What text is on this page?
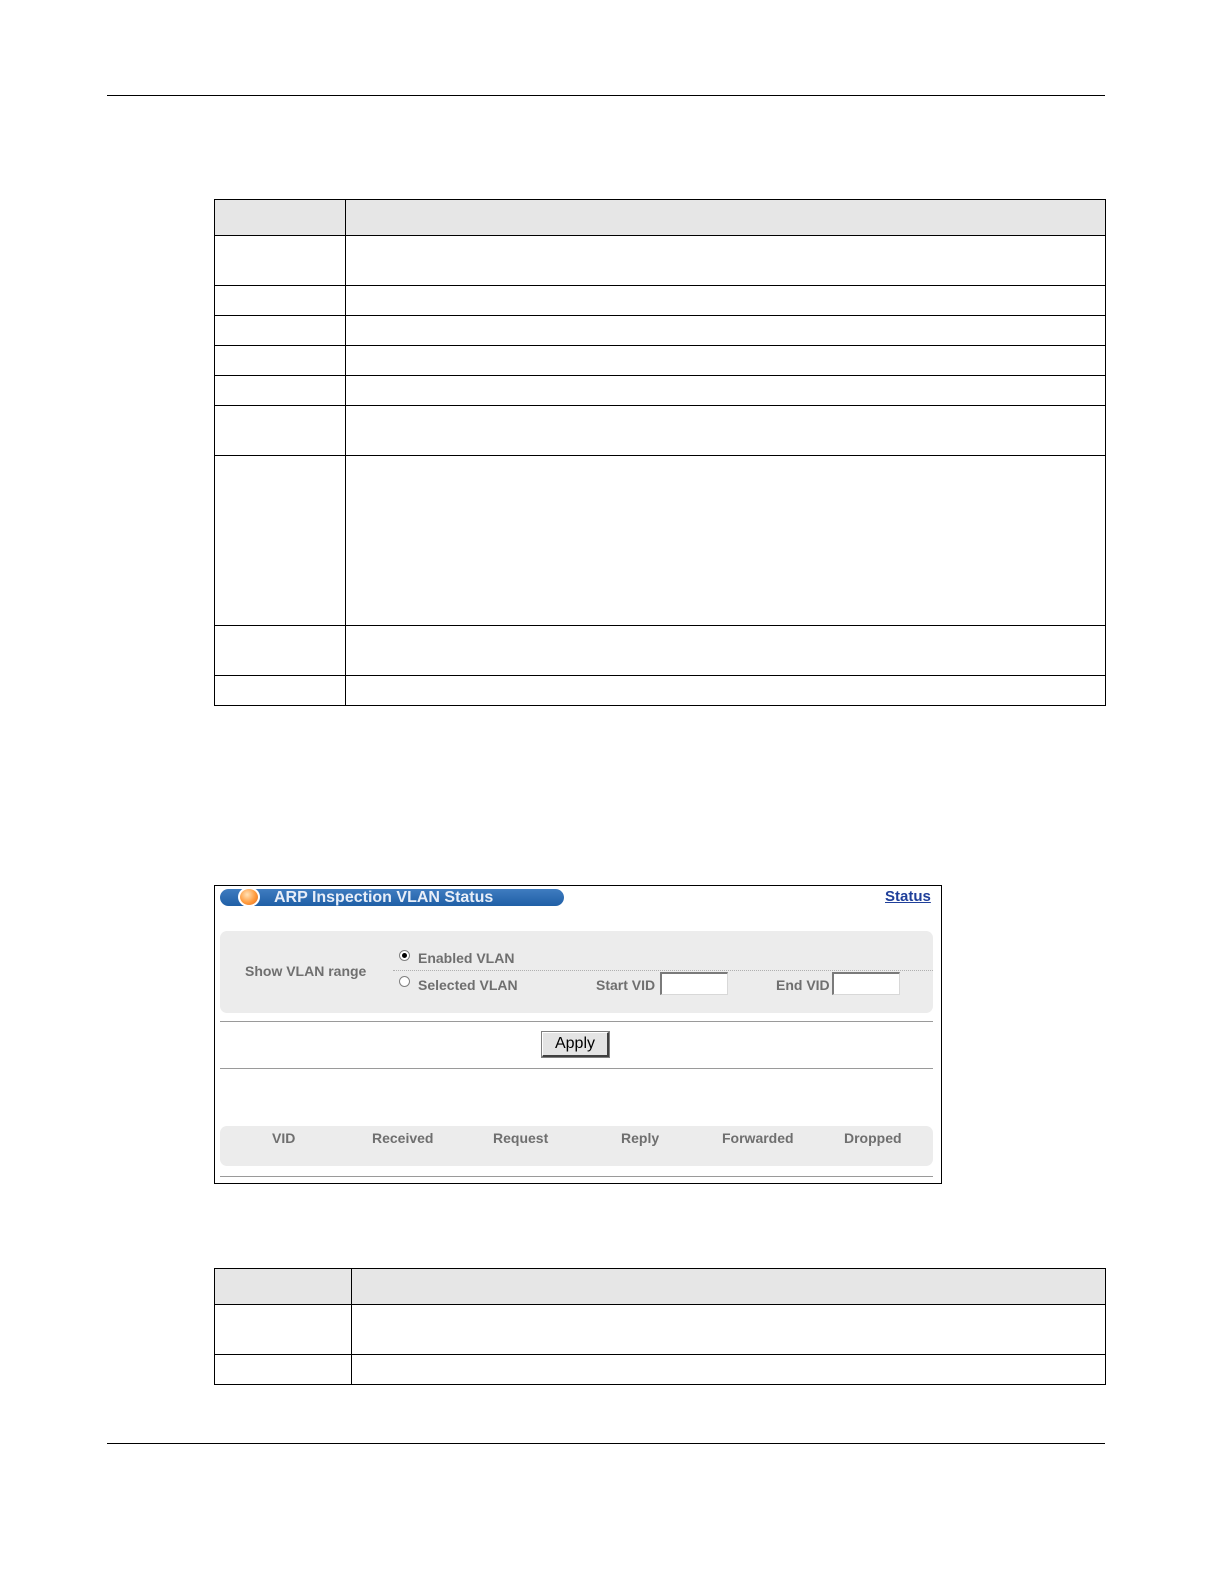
ARP Inspection VLAN Status	Status
Show VLAN range
Enabled VLAN
Selected VLAN	Start VID	End VID
Apply
VID	Received	Request	Reply	Forwarded	Dropped
